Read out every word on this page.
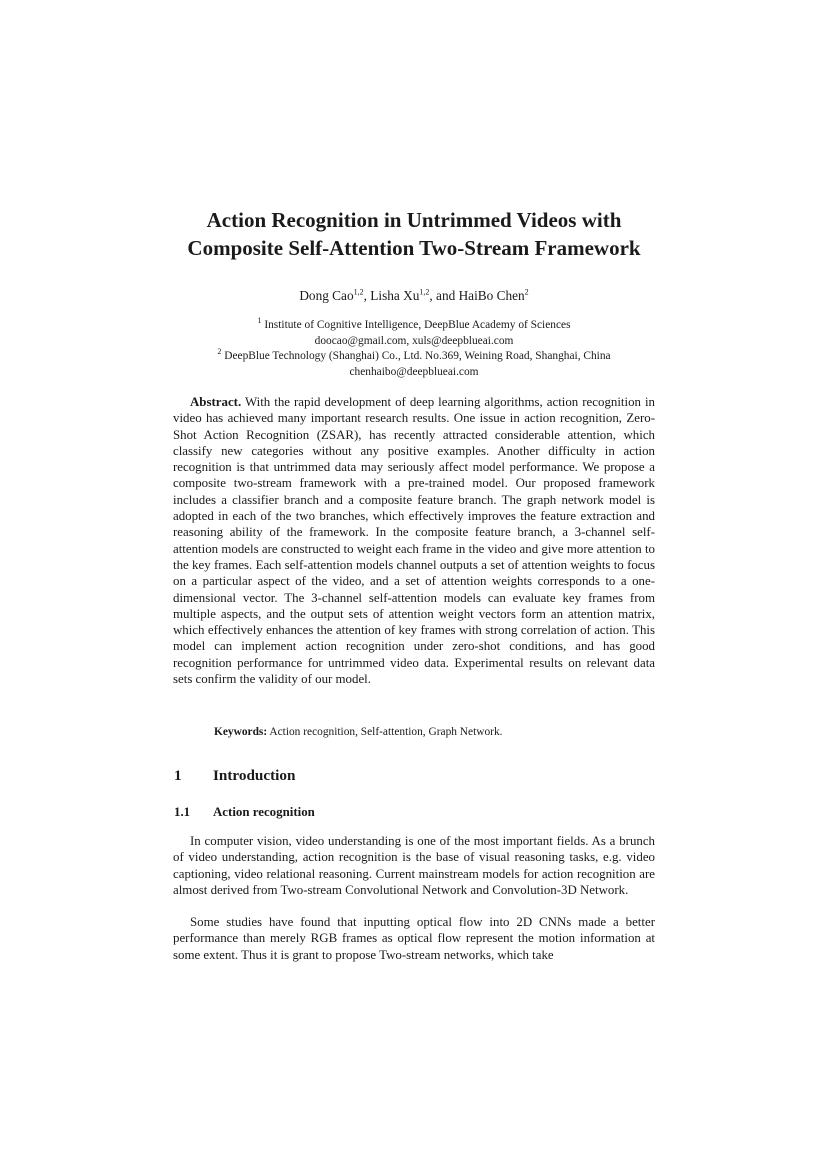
Action Recognition in Untrimmed Videos with
Composite Self-Attention Two-Stream Framework
Dong Cao$^{1,2}$, Lisha Xu$^{1,2}$, and HaiBo Chen$^2$
$^1$ Institute of Cognitive Intelligence, DeepBlue Academy of Sciences
doocao@gmail.com, xuls@deepblueai.com
$^2$ DeepBlue Technology (Shanghai) Co., Ltd. No.369, Weining Road, Shanghai, China
chenhaibo@deepblueai.com
Abstract. With the rapid development of deep learning algorithms, action recognition in video has achieved many important research results. One issue in action recognition, Zero-Shot Action Recognition (ZSAR), has recently attracted considerable attention, which classify new categories without any positive examples. Another difficulty in action recognition is that untrimmed data may seriously affect model performance. We propose a composite two-stream framework with a pre-trained model. Our proposed framework includes a classifier branch and a composite feature branch. The graph network model is adopted in each of the two branches, which effectively improves the feature extraction and reasoning ability of the framework. In the composite feature branch, a 3-channel self-attention models are constructed to weight each frame in the video and give more attention to the key frames. Each self-attention models channel outputs a set of attention weights to focus on a particular aspect of the video, and a set of attention weights corresponds to a one-dimensional vector. The 3-channel self-attention models can evaluate key frames from multiple aspects, and the output sets of attention weight vectors form an attention matrix, which effectively enhances the attention of key frames with strong correlation of action. This model can implement action recognition under zero-shot conditions, and has good recognition performance for untrimmed video data. Experimental results on relevant data sets confirm the validity of our model.
Keywords: Action recognition, Self-attention, Graph Network.
1 Introduction
1.1 Action recognition
In computer vision, video understanding is one of the most important fields. As a brunch of video understanding, action recognition is the base of visual reasoning tasks, e.g. video captioning, video relational reasoning. Current mainstream models for action recognition are almost derived from Two-stream Convolutional Network and Convolution-3D Network.
Some studies have found that inputting optical flow into 2D CNNs made a better performance than merely RGB frames as optical flow represent the motion information at some extent. Thus it is grant to propose Two-stream networks, which take
